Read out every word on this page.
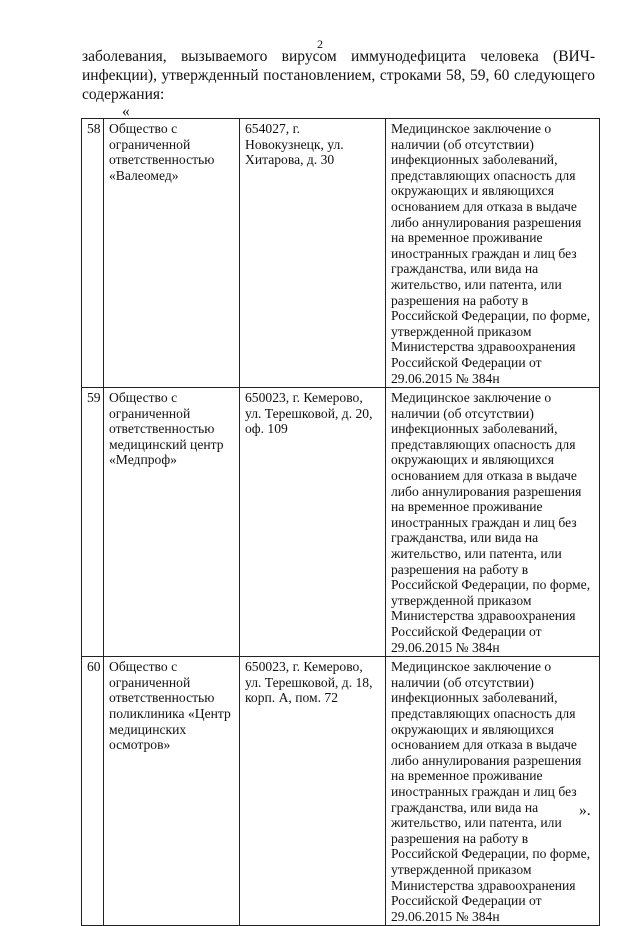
2
заболевания, вызываемого вирусом иммунодефицита человека (ВИЧ-инфекции), утвержденный постановлением, строками 58, 59, 60 следующего содержания:
«
58	Общество с ограниченной ответственностью «Валеомед»	654027, г. Новокузнецк, ул. Хитарова, д. 30	Медицинское заключение о наличии (об отсутствии) инфекционных заболеваний, представляющих опасность для окружающих и являющихся основанием для отказа в выдаче либо аннулирования разрешения на временное проживание иностранных граждан и лиц без гражданства, или вида на жительство, или патента, или разрешения на работу в Российской Федерации, по форме, утвержденной приказом Министерства здравоохранения Российской Федерации от 29.06.2015 № 384н
59	Общество с ограниченной ответственностью медицинский центр «Медпроф»	650023, г. Кемерово, ул. Терешковой, д. 20, оф. 109	Медицинское заключение о наличии (об отсутствии) инфекционных заболеваний, представляющих опасность для окружающих и являющихся основанием для отказа в выдаче либо аннулирования разрешения на временное проживание иностранных граждан и лиц без гражданства, или вида на жительство, или патента, или разрешения на работу в Российской Федерации, по форме, утвержденной приказом Министерства здравоохранения Российской Федерации от 29.06.2015 № 384н
60	Общество с ограниченной ответственностью поликлиника «Центр медицинских осмотров»	650023, г. Кемерово, ул. Терешковой, д. 18, корп. А, пом. 72	Медицинское заключение о наличии (об отсутствии) инфекционных заболеваний, представляющих опасность для окружающих и являющихся основанием для отказа в выдаче либо аннулирования разрешения на временное проживание иностранных граждан и лиц без гражданства, или вида на жительство, или патента, или разрешения на работу в Российской Федерации, по форме, утвержденной приказом Министерства здравоохранения Российской Федерации от 29.06.2015 № 384н
».
